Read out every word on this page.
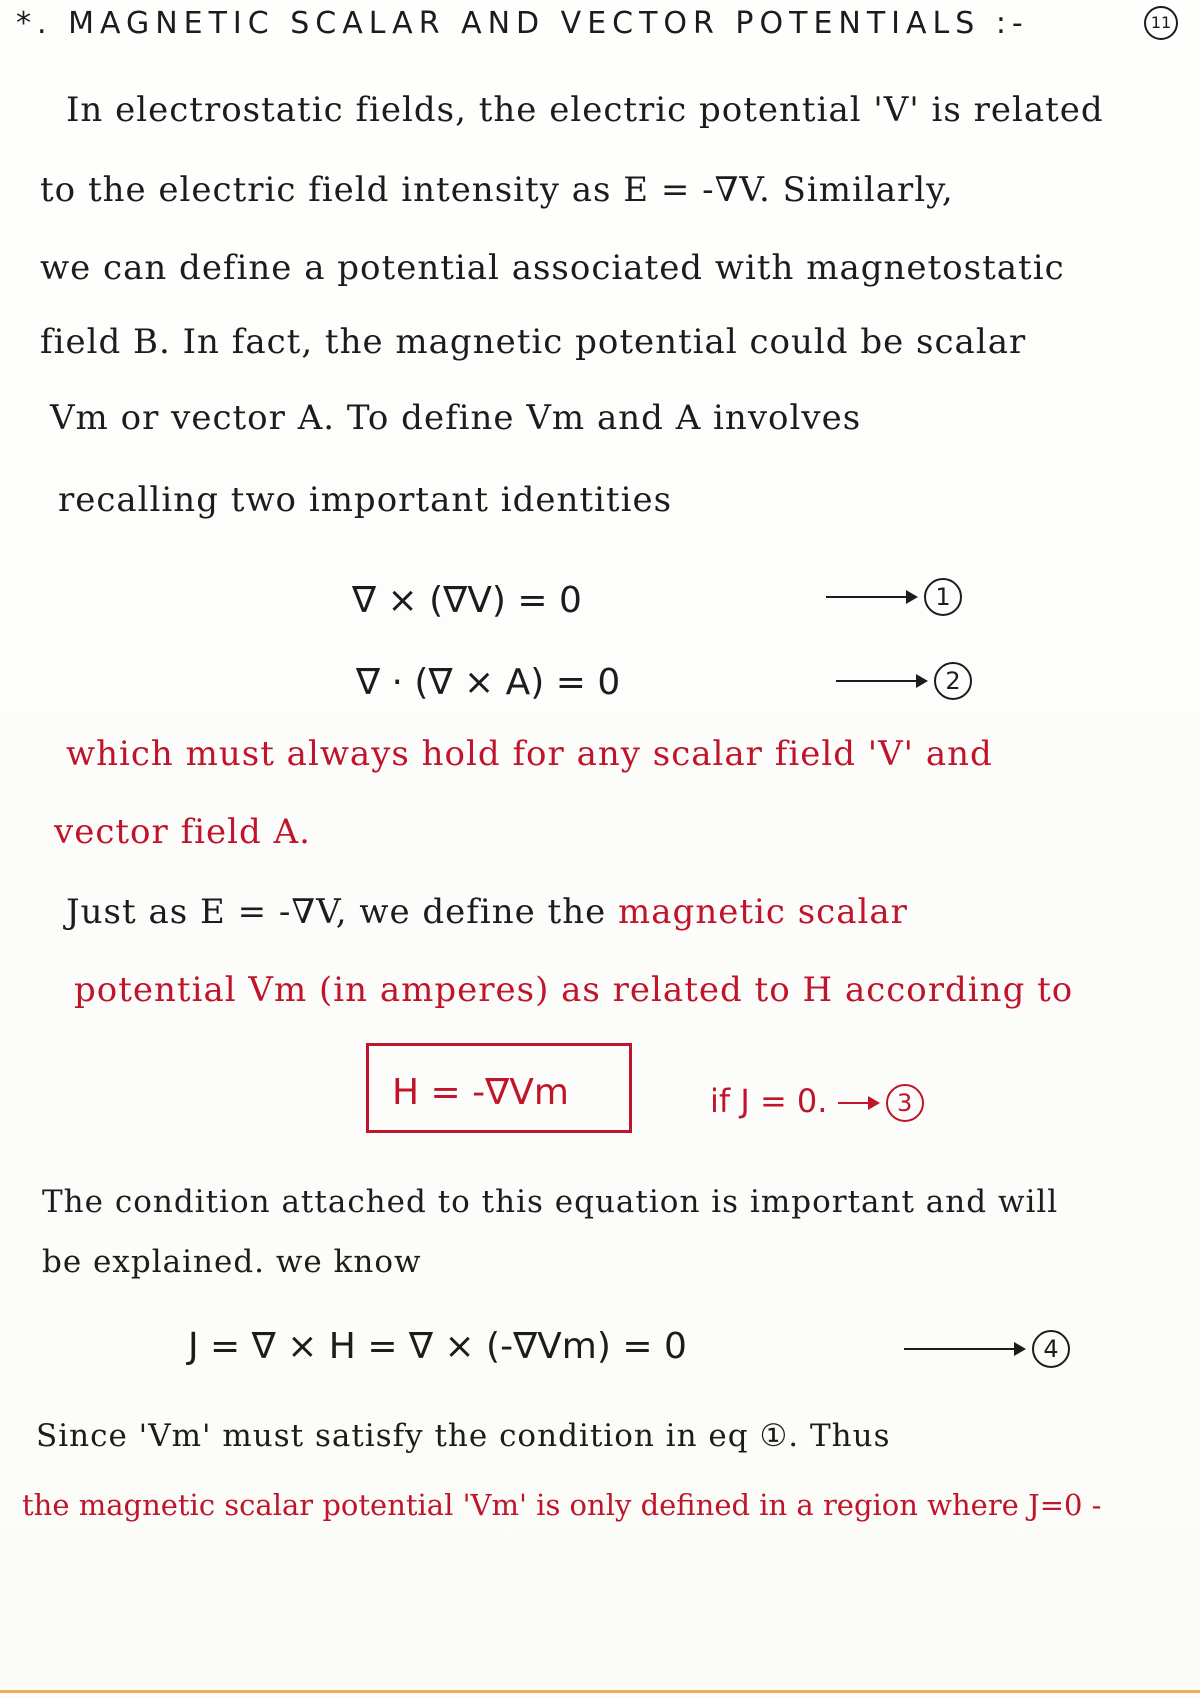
11
*. MAGNETIC SCALAR AND VECTOR POTENTIALS :-
In electrostatic fields, the electric potential 'V' is related
to the electric field intensity as E = -∇V. Similarly,
we can define a potential associated with magnetostatic
field B. In fact, the magnetic potential could be scalar
Vm or vector A. To define Vm and A involves
recalling two important identities
∇ × (∇V) = 0	1
∇ · (∇ × A) = 0	2
which must always hold for any scalar field 'V' and
vector field A.
Just as E = -∇V, we define the magnetic scalar
potential Vm (in amperes) as related to H according to
H = -∇Vm	if J = 0.	3
The condition attached to this equation is important and will
be explained. we know
J = ∇ × H = ∇ × (-∇Vm) = 0	4
Since 'Vm' must satisfy the condition in eq ①. Thus
the magnetic scalar potential 'Vm' is only defined in a region where J=0 -
